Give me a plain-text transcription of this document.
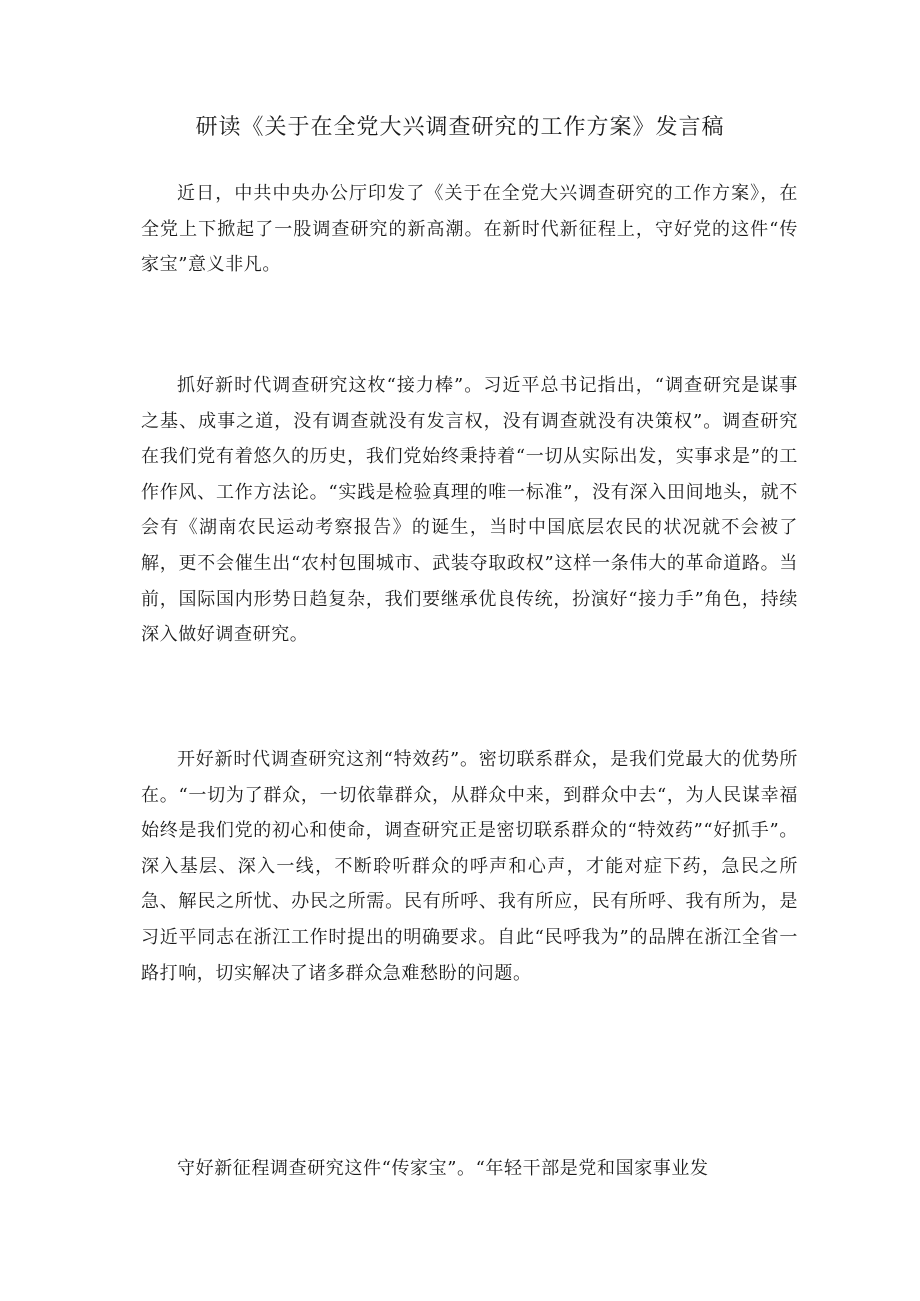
研读《关于在全党大兴调查研究的工作方案》发言稿

近日，中共中央办公厅印发了《关于在全党大兴调查研究的工作方案》，在全党上下掀起了一股调查研究的新高潮。在新时代新征程上，守好党的这件“传家宝”意义非凡。

抓好新时代调查研究这枚“接力棒”。习近平总书记指出，“调查研究是谋事之基、成事之道，没有调查就没有发言权，没有调查就没有决策权”。调查研究在我们党有着悠久的历史，我们党始终秉持着“一切从实际出发，实事求是”的工作作风、工作方法论。“实践是检验真理的唯一标准”，没有深入田间地头，就不会有《湖南农民运动考察报告》的诞生，当时中国底层农民的状况就不会被了解，更不会催生出“农村包围城市、武装夺取政权”这样一条伟大的革命道路。当前，国际国内形势日趋复杂，我们要继承优良传统，扮演好“接力手”角色，持续深入做好调查研究。

开好新时代调查研究这剂“特效药”。密切联系群众，是我们党最大的优势所在。“一切为了群众，一切依靠群众，从群众中来，到群众中去“，为人民谋幸福始终是我们党的初心和使命，调查研究正是密切联系群众的“特效药”“好抓手”。深入基层、深入一线，不断聆听群众的呼声和心声，才能对症下药，急民之所急、解民之所忧、办民之所需。民有所呼、我有所应，民有所呼、我有所为，是习近平同志在浙江工作时提出的明确要求。自此“民呼我为”的品牌在浙江全省一路打响，切实解决了诸多群众急难愁盼的问题。

守好新征程调查研究这件“传家宝”。“年轻干部是党和国家事业发
